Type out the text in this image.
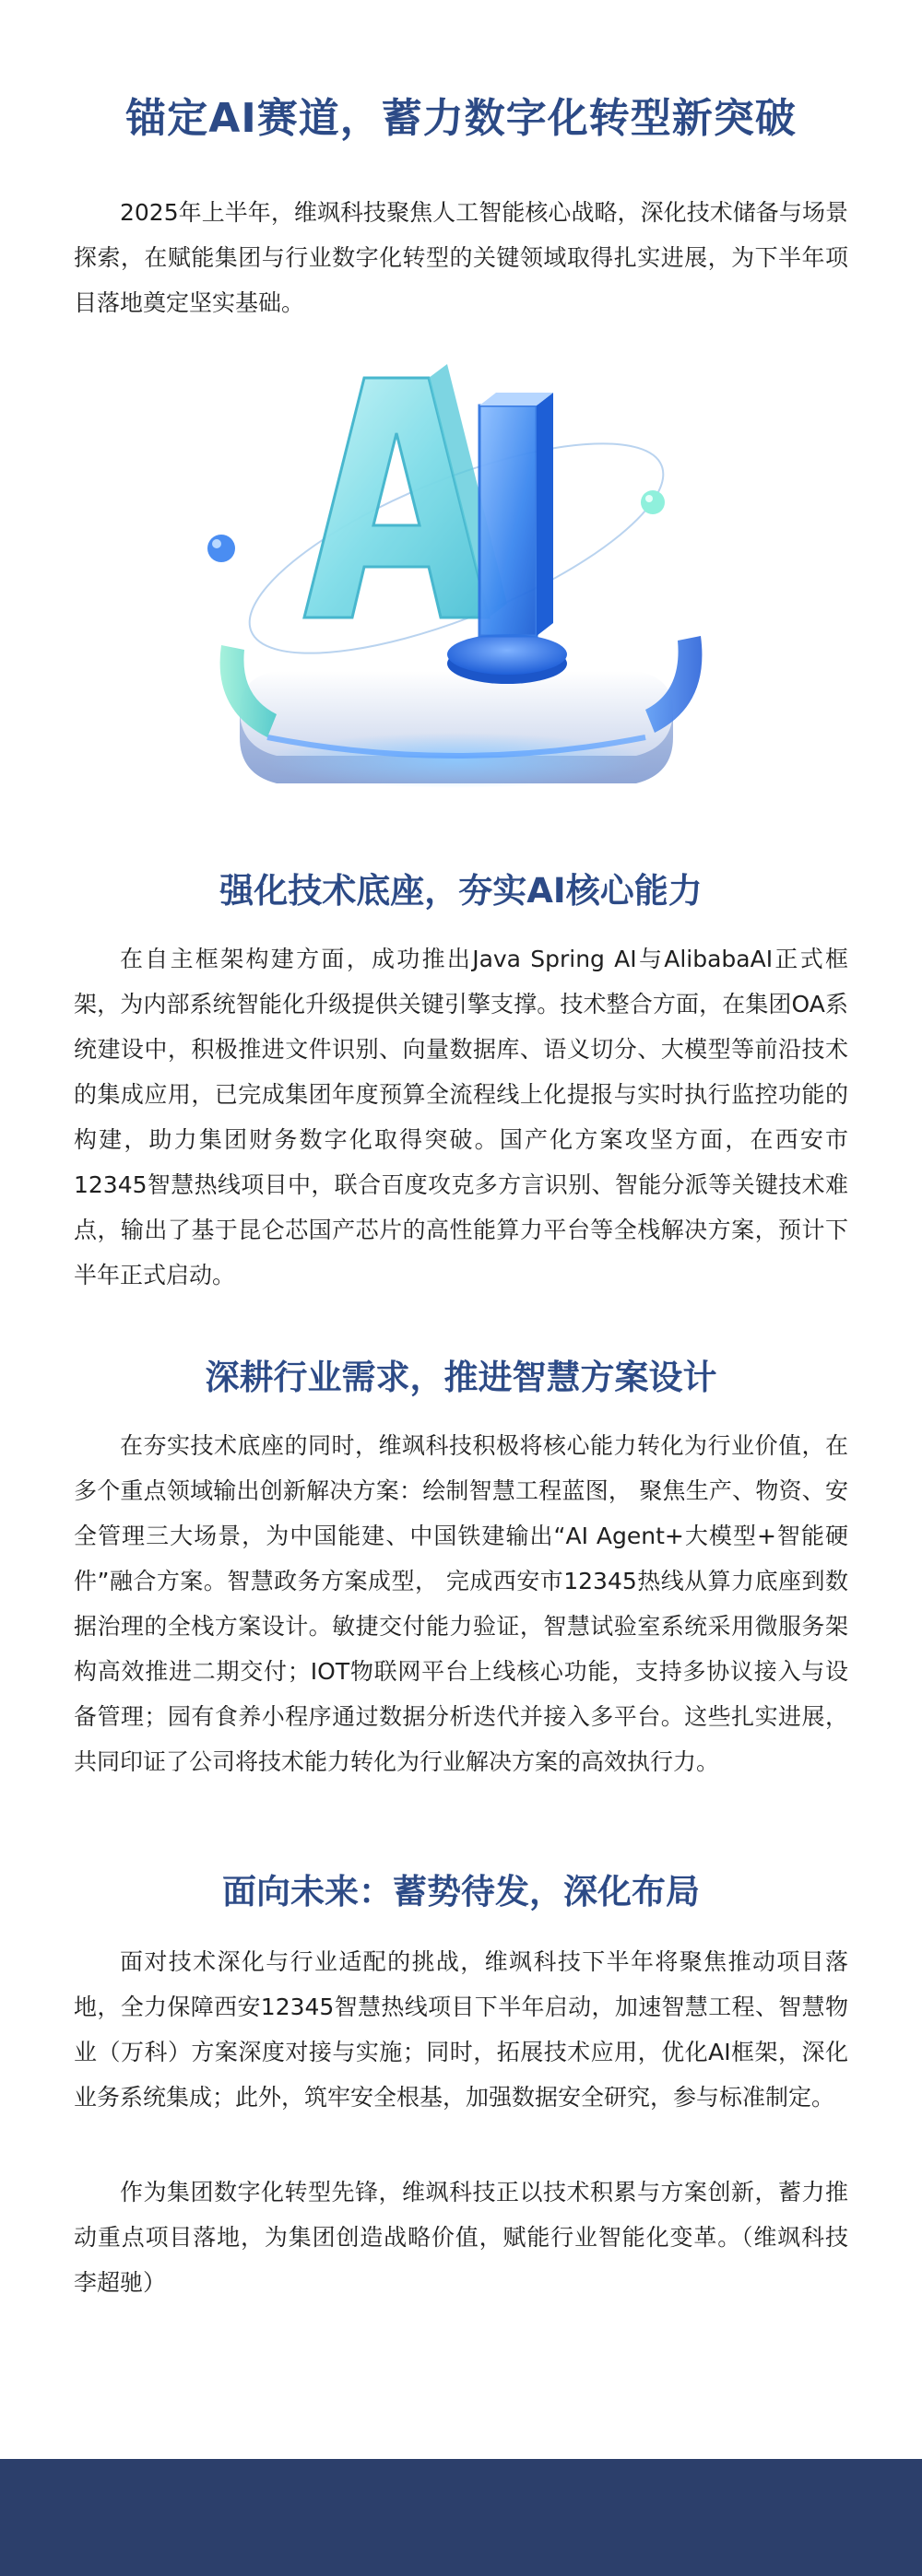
锚定AI赛道，蓄力数字化转型新突破

2025年上半年，维飒科技聚焦人工智能核心战略，深化技术储备与场景探索，在赋能集团与行业数字化转型的关键领域取得扎实进展，为下半年项目落地奠定坚实基础。

强化技术底座，夯实AI核心能力

在自主框架构建方面，成功推出Java Spring AI与AlibabaAI正式框架，为内部系统智能化升级提供关键引擎支撑。技术整合方面，在集团OA系统建设中，积极推进文件识别、向量数据库、语义切分、大模型等前沿技术的集成应用，已完成集团年度预算全流程线上化提报与实时执行监控功能的构建，助力集团财务数字化取得突破。国产化方案攻坚方面，在西安市12345智慧热线项目中，联合百度攻克多方言识别、智能分派等关键技术难点，输出了基于昆仑芯国产芯片的高性能算力平台等全栈解决方案，预计下半年正式启动。

深耕行业需求，推进智慧方案设计

在夯实技术底座的同时，维飒科技积极将核心能力转化为行业价值，在多个重点领域输出创新解决方案：绘制智慧工程蓝图， 聚焦生产、物资、安全管理三大场景，为中国能建、中国铁建输出“AI Agent+大模型+智能硬件”融合方案。智慧政务方案成型， 完成西安市12345热线从算力底座到数据治理的全栈方案设计。敏捷交付能力验证，智慧试验室系统采用微服务架构高效推进二期交付；IOT物联网平台上线核心功能，支持多协议接入与设备管理；园有食养小程序通过数据分析迭代并接入多平台。这些扎实进展，共同印证了公司将技术能力转化为行业解决方案的高效执行力。

面向未来：蓄势待发，深化布局

面对技术深化与行业适配的挑战，维飒科技下半年将聚焦推动项目落地，全力保障西安12345智慧热线项目下半年启动，加速智慧工程、智慧物业（万科）方案深度对接与实施；同时，拓展技术应用，优化AI框架，深化业务系统集成；此外，筑牢安全根基，加强数据安全研究，参与标准制定。

作为集团数字化转型先锋，维飒科技正以技术积累与方案创新，蓄力推动重点项目落地，为集团创造战略价值，赋能行业智能化变革。（维飒科技 李超驰）
